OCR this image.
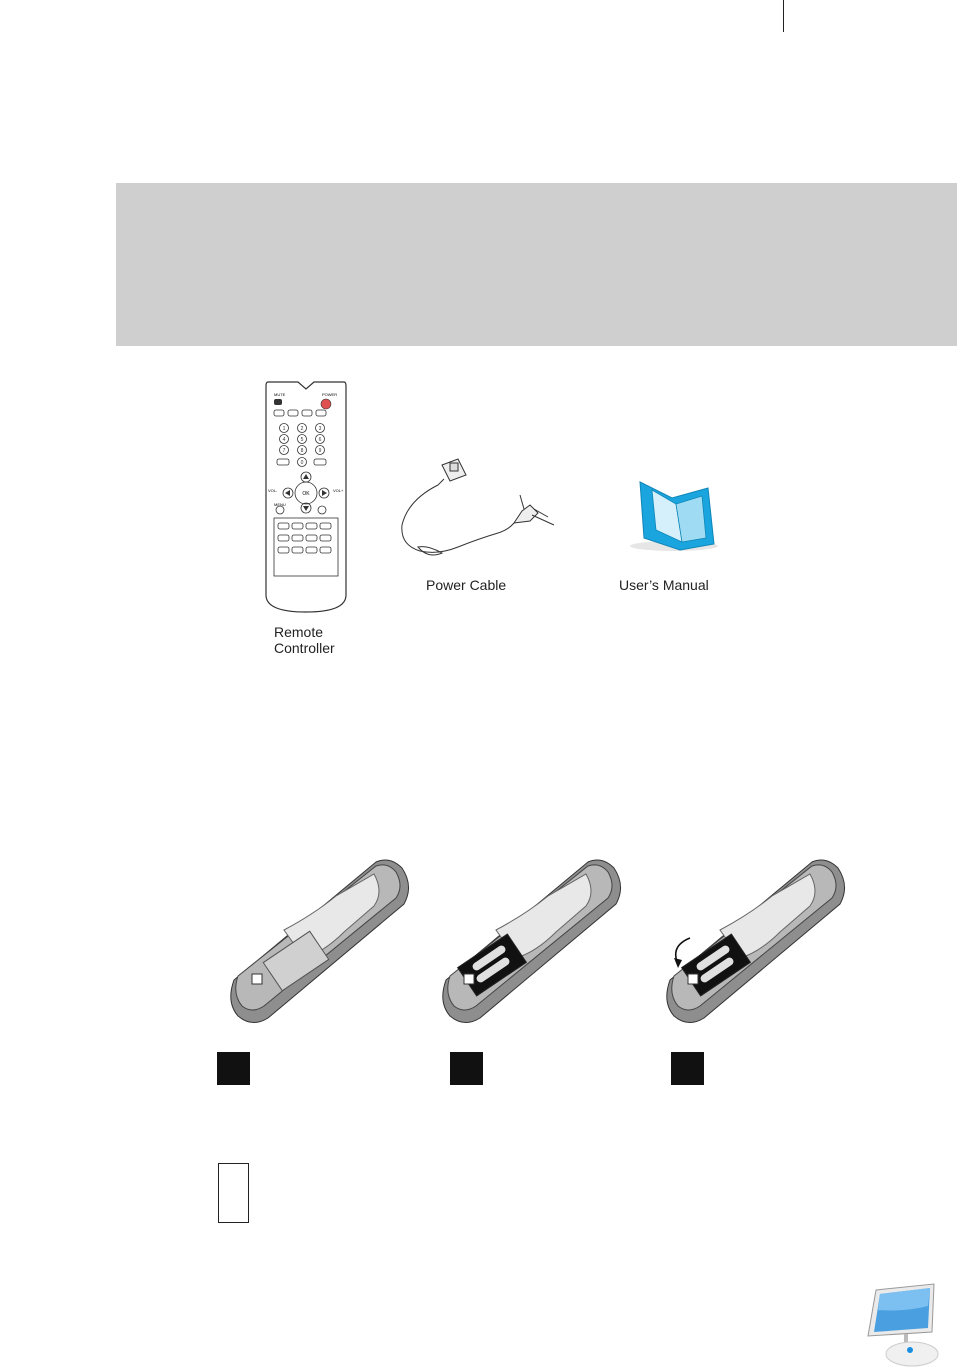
MUTE	POWER
1	2	3
4	5	6
7	8	9
0
VOL-	VOL+
MENU
OK
Remote
Controller
Power Cable	User’s Manual
